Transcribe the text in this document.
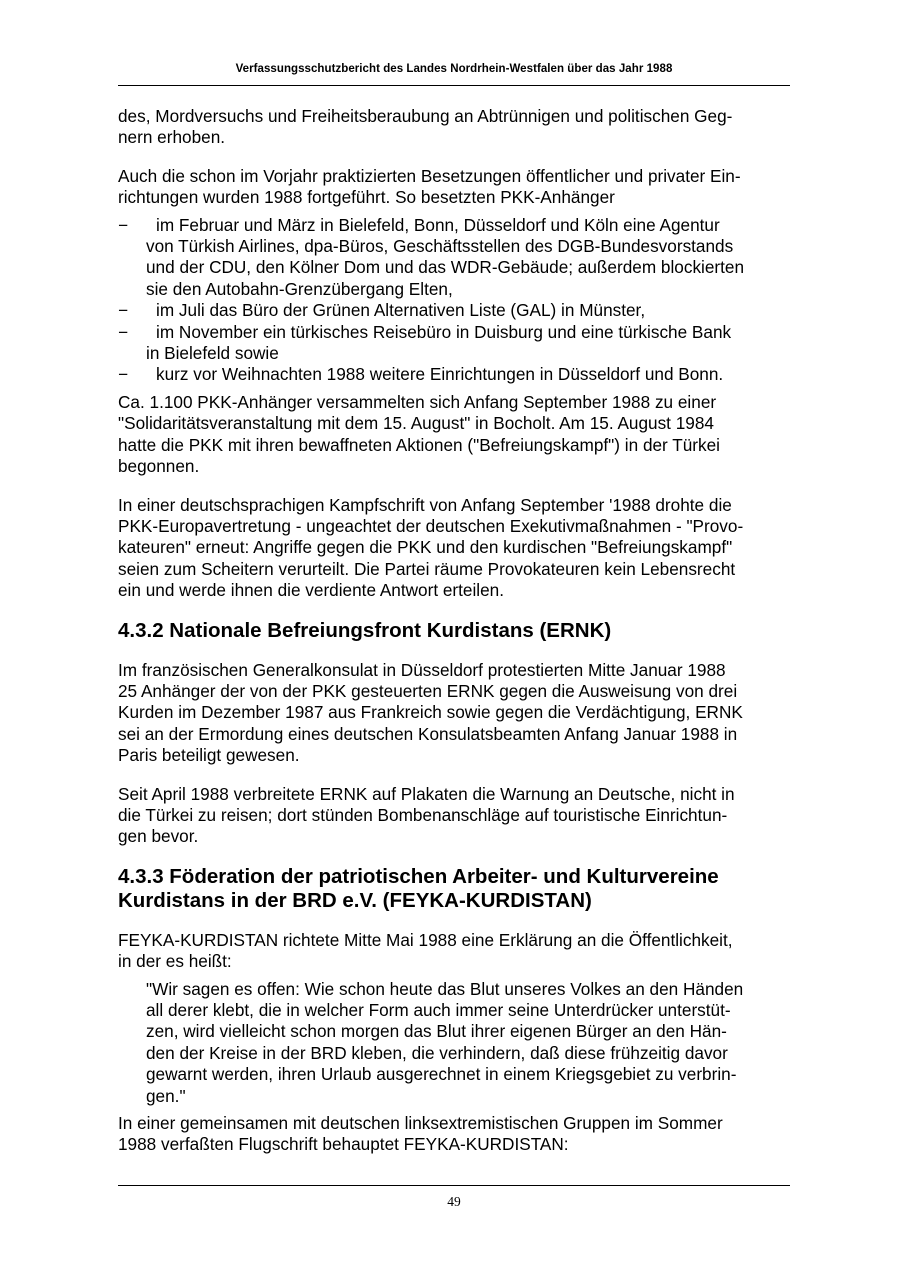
Verfassungsschutzbericht des Landes Nordrhein-Westfalen über das Jahr 1988

des, Mordversuchs und Freiheitsberaubung an Abtrünnigen und politischen Geg-
nern erhoben.

Auch die schon im Vorjahr praktizierten Besetzungen öffentlicher und privater Ein-
richtungen wurden 1988 fortgeführt. So besetzten PKK-Anhänger

−	im Februar und März in Bielefeld, Bonn, Düsseldorf und Köln eine Agentur
von Türkish Airlines, dpa-Büros, Geschäftsstellen des DGB-Bundesvorstands
und der CDU, den Kölner Dom und das WDR-Gebäude; außerdem blockierten
sie den Autobahn-Grenzübergang Elten,
−	im Juli das Büro der Grünen Alternativen Liste (GAL) in Münster,
−	im November ein türkisches Reisebüro in Duisburg und eine türkische Bank
in Bielefeld sowie
−	kurz vor Weihnachten 1988 weitere Einrichtungen in Düsseldorf und Bonn.

Ca. 1.100 PKK-Anhänger versammelten sich Anfang September 1988 zu einer
"Solidaritätsveranstaltung mit dem 15. August" in Bocholt. Am 15. August 1984
hatte die PKK mit ihren bewaffneten Aktionen ("Befreiungskampf") in der Türkei
begonnen.

In einer deutschsprachigen Kampfschrift von Anfang September '1988 drohte die
PKK-Europavertretung - ungeachtet der deutschen Exekutivmaßnahmen - "Provo-
kateuren" erneut: Angriffe gegen die PKK und den kurdischen "Befreiungskampf"
seien zum Scheitern verurteilt. Die Partei räume Provokateuren kein Lebensrecht
ein und werde ihnen die verdiente Antwort erteilen.

4.3.2 Nationale Befreiungsfront Kurdistans (ERNK)

Im französischen Generalkonsulat in Düsseldorf protestierten Mitte Januar 1988
25 Anhänger der von der PKK gesteuerten ERNK gegen die Ausweisung von drei
Kurden im Dezember 1987 aus Frankreich sowie gegen die Verdächtigung, ERNK
sei an der Ermordung eines deutschen Konsulatsbeamten Anfang Januar 1988 in
Paris beteiligt gewesen.

Seit April 1988 verbreitete ERNK auf Plakaten die Warnung an Deutsche, nicht in
die Türkei zu reisen; dort stünden Bombenanschläge auf touristische Einrichtun-
gen bevor.

4.3.3 Föderation der patriotischen Arbeiter- und Kulturvereine
Kurdistans in der BRD e.V. (FEYKA-KURDISTAN)

FEYKA-KURDISTAN richtete Mitte Mai 1988 eine Erklärung an die Öffentlichkeit,
in der es heißt:

"Wir sagen es offen: Wie schon heute das Blut unseres Volkes an den Händen
all derer klebt, die in welcher Form auch immer seine Unterdrücker unterstüt-
zen, wird vielleicht schon morgen das Blut ihrer eigenen Bürger an den Hän-
den der Kreise in der BRD kleben, die verhindern, daß diese frühzeitig davor
gewarnt werden, ihren Urlaub ausgerechnet in einem Kriegsgebiet zu verbrin-
gen."

In einer gemeinsamen mit deutschen linksextremistischen Gruppen im Sommer
1988 verfaßten Flugschrift behauptet FEYKA-KURDISTAN:

49
